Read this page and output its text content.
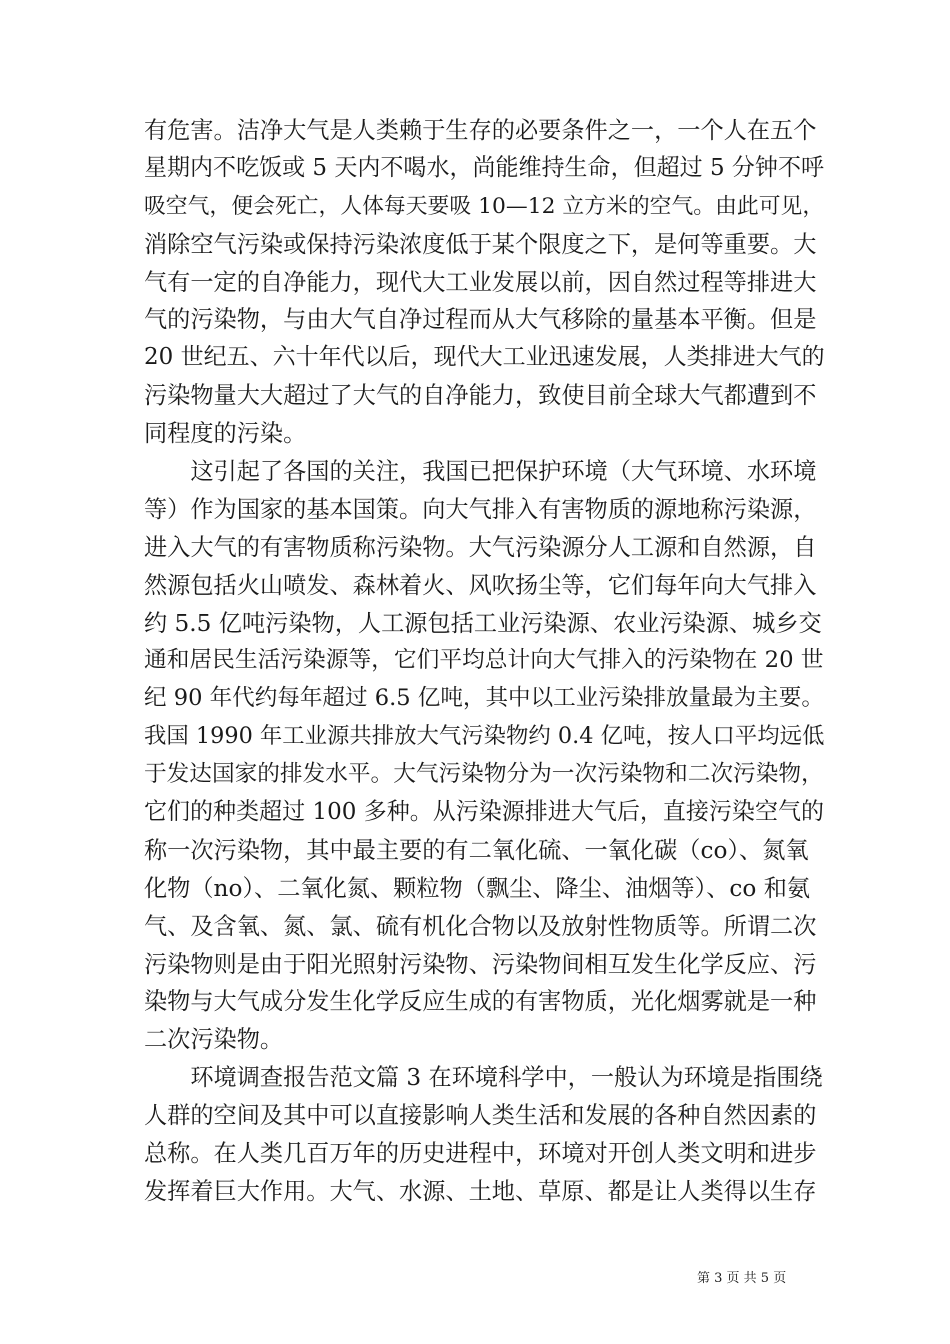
有危害。洁净大气是人类赖于生存的必要条件之一，一个人在五个
星期内不吃饭或 5 天内不喝水，尚能维持生命，但超过 5 分钟不呼
吸空气，便会死亡，人体每天要吸 10—12 立方米的空气。由此可见，
消除空气污染或保持污染浓度低于某个限度之下，是何等重要。大
气有一定的自净能力，现代大工业发展以前，因自然过程等排进大
气的污染物，与由大气自净过程而从大气移除的量基本平衡。但是
20 世纪五、六十年代以后，现代大工业迅速发展，人类排进大气的
污染物量大大超过了大气的自净能力，致使目前全球大气都遭到不
同程度的污染。
　　这引起了各国的关注，我国已把保护环境（大气环境、水环境
等）作为国家的基本国策。向大气排入有害物质的源地称污染源，
进入大气的有害物质称污染物。大气污染源分人工源和自然源，自
然源包括火山喷发、森林着火、风吹扬尘等，它们每年向大气排入
约 5.5 亿吨污染物，人工源包括工业污染源、农业污染源、城乡交
通和居民生活污染源等，它们平均总计向大气排入的污染物在 20 世
纪 90 年代约每年超过 6.5 亿吨，其中以工业污染排放量最为主要。
我国 1990 年工业源共排放大气污染物约 0.4 亿吨，按人口平均远低
于发达国家的排发水平。大气污染物分为一次污染物和二次污染物，
它们的种类超过 100 多种。从污染源排进大气后，直接污染空气的
称一次污染物，其中最主要的有二氧化硫、一氧化碳（co）、氮氧
化物（no）、二氧化氮、颗粒物（飘尘、降尘、油烟等）、co 和氨
气、及含氧、氮、氯、硫有机化合物以及放射性物质等。所谓二次
污染物则是由于阳光照射污染物、污染物间相互发生化学反应、污
染物与大气成分发生化学反应生成的有害物质，光化烟雾就是一种
二次污染物。
　　环境调查报告范文篇 3 在环境科学中，一般认为环境是指围绕
人群的空间及其中可以直接影响人类生活和发展的各种自然因素的
总称。在人类几百万年的历史进程中，环境对开创人类文明和进步
发挥着巨大作用。大气、水源、土地、草原、都是让人类得以生存
第 3 页 共 5 页
